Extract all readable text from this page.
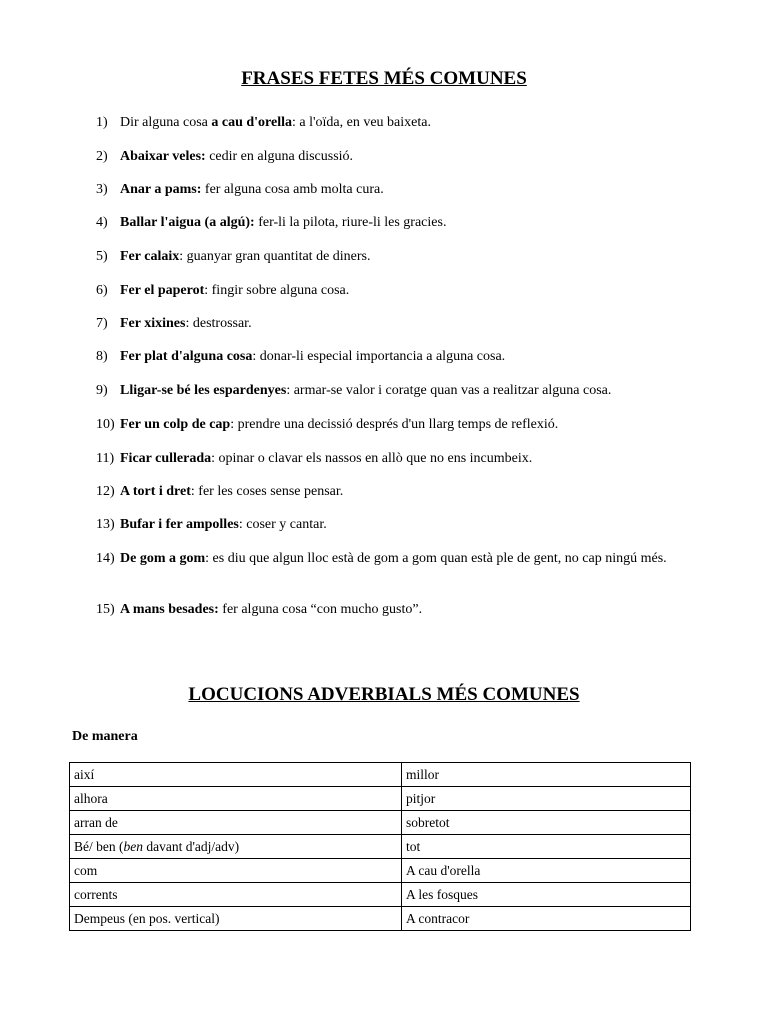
FRASES FETES MÉS COMUNES
1) Dir alguna cosa a cau d'orella: a l'oïda, en veu baixeta.
2) Abaixar veles: cedir en alguna discussió.
3) Anar a pams: fer alguna cosa amb molta cura.
4) Ballar l'aigua (a algú): fer-li la pilota, riure-li les gracies.
5) Fer calaix: guanyar gran quantitat de diners.
6) Fer el paperot: fingir sobre alguna cosa.
7) Fer xixines: destrossar.
8) Fer plat d'alguna cosa: donar-li especial importancia a alguna cosa.
9) Lligar-se bé les espardenyes: armar-se valor i coratge quan vas a realitzar alguna cosa.
10) Fer un colp de cap: prendre una decissió després d'un llarg temps de reflexió.
11) Ficar cullerada: opinar o clavar els nassos en allò que no ens incumbeix.
12) A tort i dret: fer les coses sense pensar.
13) Bufar i fer ampolles: coser y cantar.
14) De gom a gom: es diu que algun lloc està de gom a gom quan està ple de gent, no cap ningú més.
15) A mans besades: fer alguna cosa “con mucho gusto”.
LOCUCIONS ADVERBIALS MÉS COMUNES
De manera
així	millor
alhora	pitjor
arran de	sobretot
Bé/ ben (ben davant d'adj/adv)	tot
com	A cau d'orella
corrents	A les fosques
Dempeus (en pos. vertical)	A contracor
